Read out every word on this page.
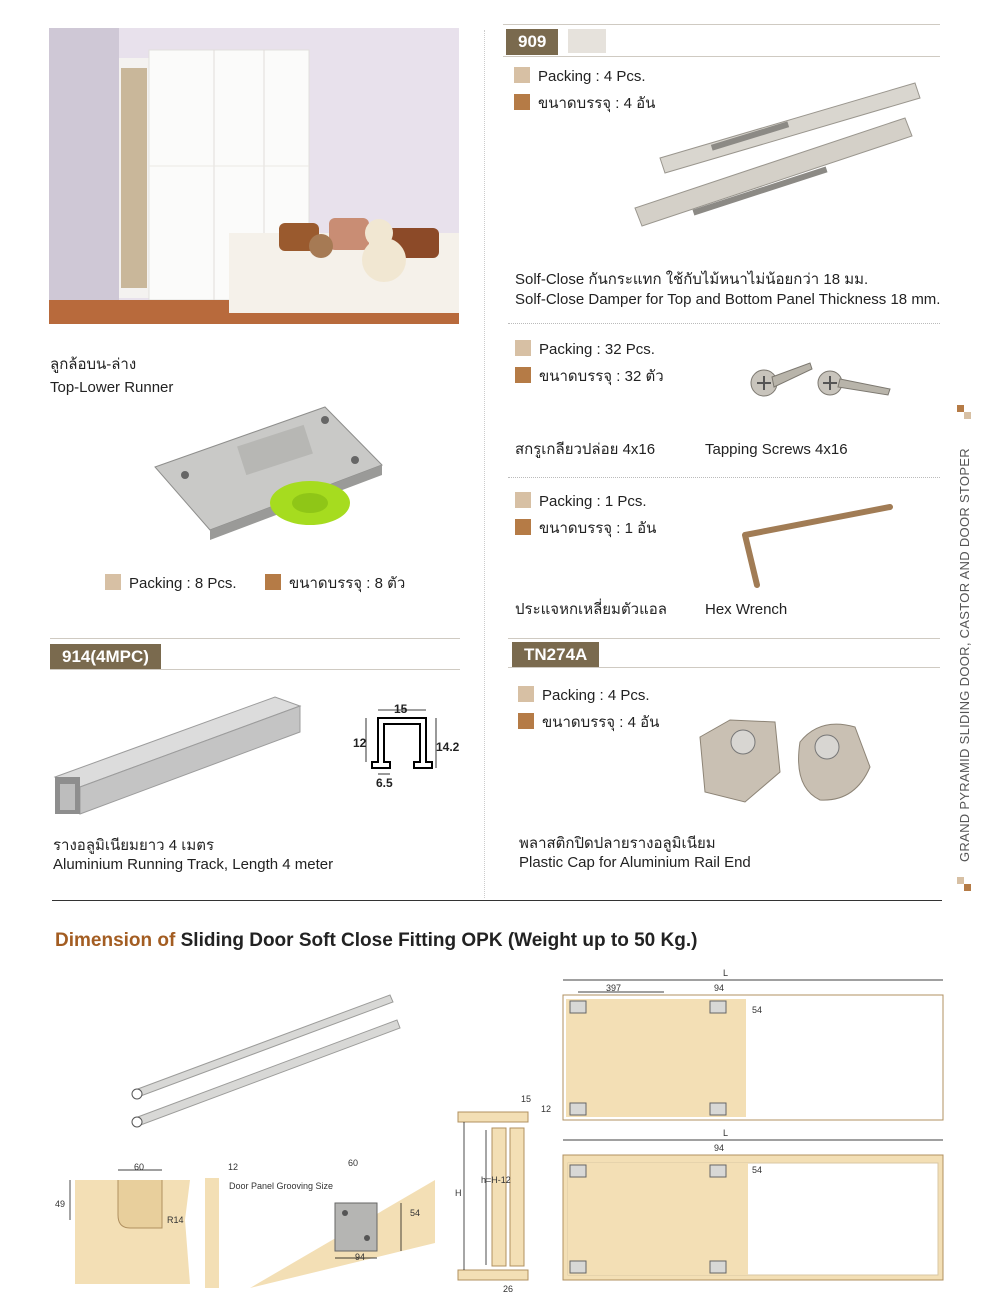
ลูกล้อบน-ล่าง
Top-Lower Runner
Packing : 8 Pcs.	ขนาดบรรจุ : 8 ตัว
909
Packing : 4 Pcs.
ขนาดบรรจุ : 4 อัน
Solf-Close กันกระแทก ใช้กับไม้หนาไม่น้อยกว่า 18 มม.
Solf-Close Damper for Top and Bottom Panel Thickness 18 mm.
Packing : 32 Pcs.
ขนาดบรรจุ : 32 ตัว
สกรูเกลียวปล่อย 4x16	Tapping Screws 4x16
Packing : 1 Pcs.
ขนาดบรรจุ : 1 อัน
ประแจหกเหลี่ยมตัวแอล	Hex Wrench
914(4MPC)
15
12	14.2
6.5
รางอลูมิเนียมยาว 4 เมตร
Aluminium Running Track, Length 4 meter
TN274A
Packing : 4 Pcs.
ขนาดบรรจุ : 4 อัน
พลาสติกปิดปลายรางอลูมิเนียม
Plastic Cap for Aluminium Rail End
GRAND PYRAMID SLIDING DOOR, CASTOR AND DOOR STOPER
Dimension of Sliding Door Soft Close Fitting OPK (Weight up to 50 Kg.)
60
49
R14
12
Door Panel Grooving Size
60
54
94
15
12
H
h=H-12
26
L
397	94
54
L
94
54
